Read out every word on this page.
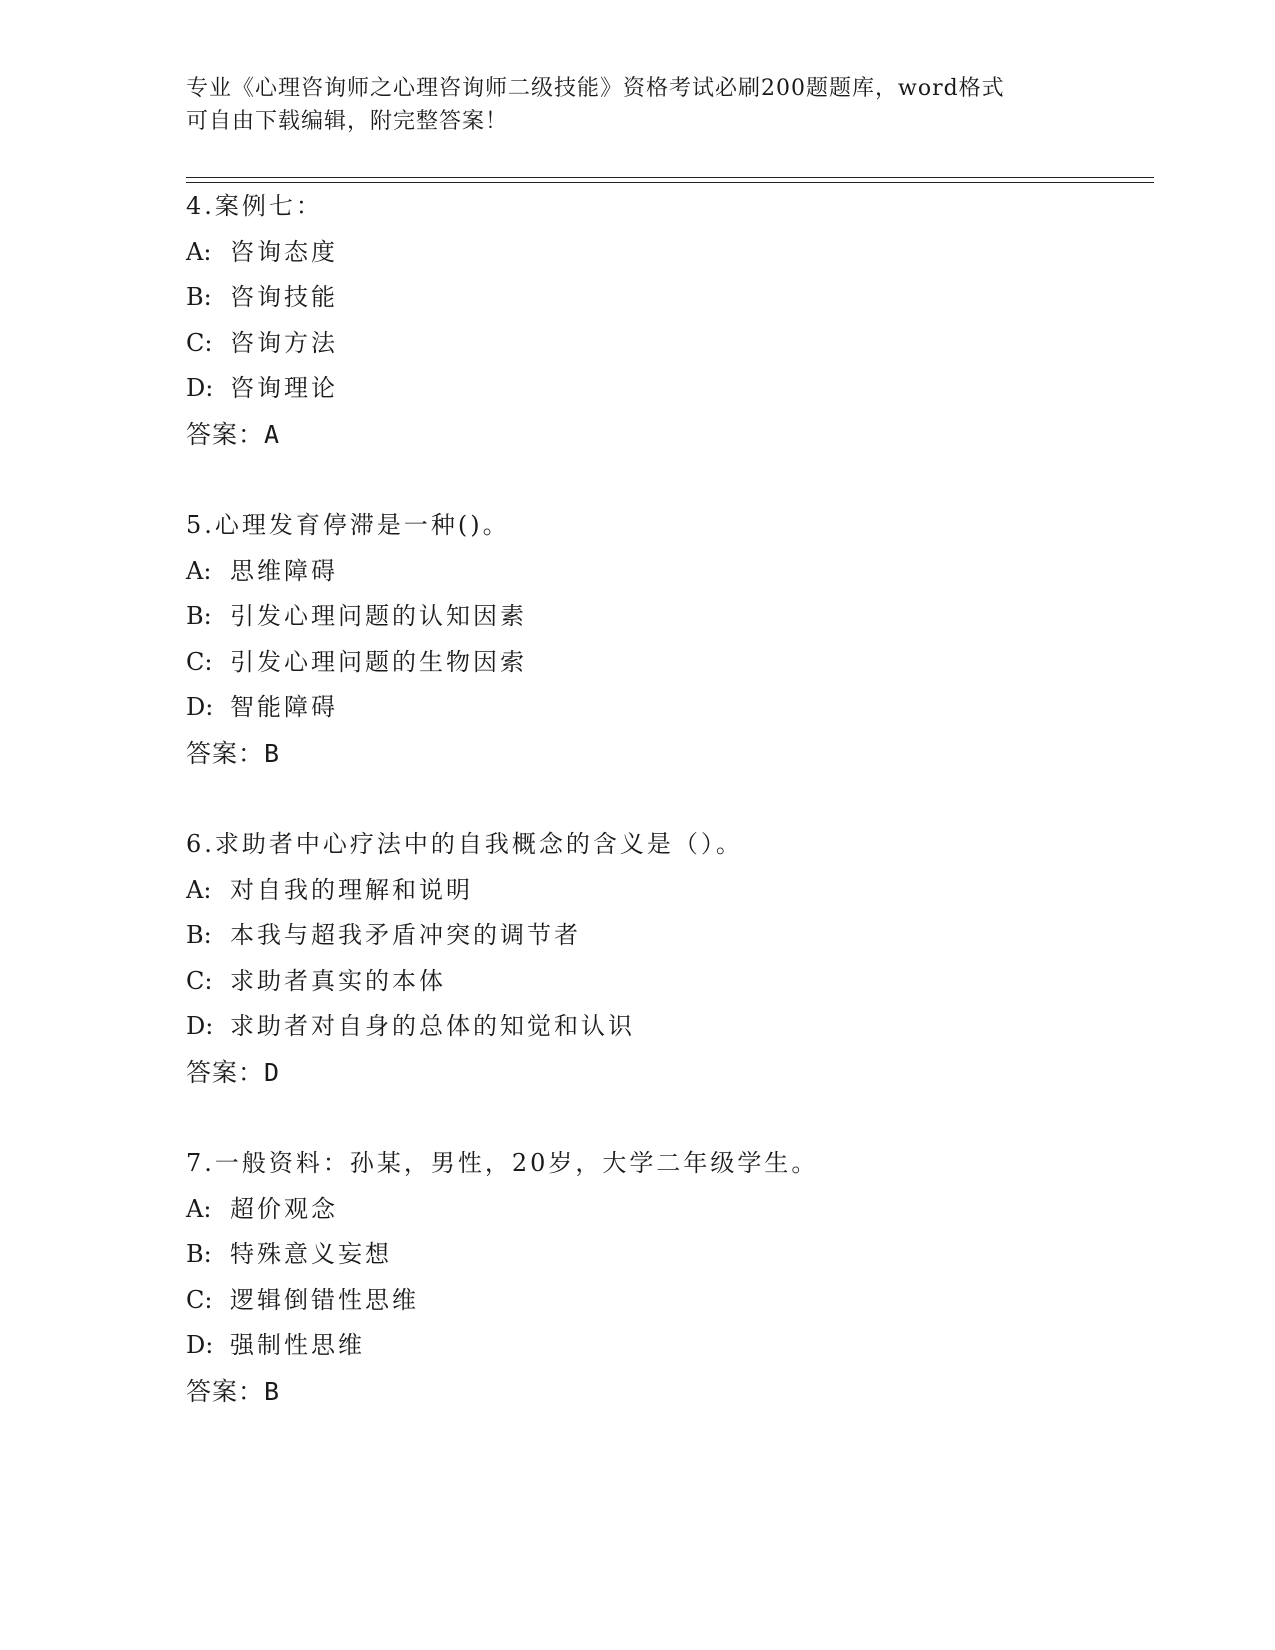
专业《心理咨询师之心理咨询师二级技能》资格考试必刷200题题库，word格式
可自由下载编辑，附完整答案！
4.案例七：
A: 咨询态度
B: 咨询技能
C: 咨询方法
D: 咨询理论
答案：A
5.心理发育停滞是一种()。
A: 思维障碍
B: 引发心理问题的认知因素
C: 引发心理问题的生物因索
D: 智能障碍
答案：B
6.求助者中心疗法中的自我概念的含义是（）。
A: 对自我的理解和说明
B: 本我与超我矛盾冲突的调节者
C: 求助者真实的本体
D: 求助者对自身的总体的知觉和认识
答案：D
7.一般资料：孙某，男性，20岁，大学二年级学生。
A: 超价观念
B: 特殊意义妄想
C: 逻辑倒错性思维
D: 强制性思维
答案：B
